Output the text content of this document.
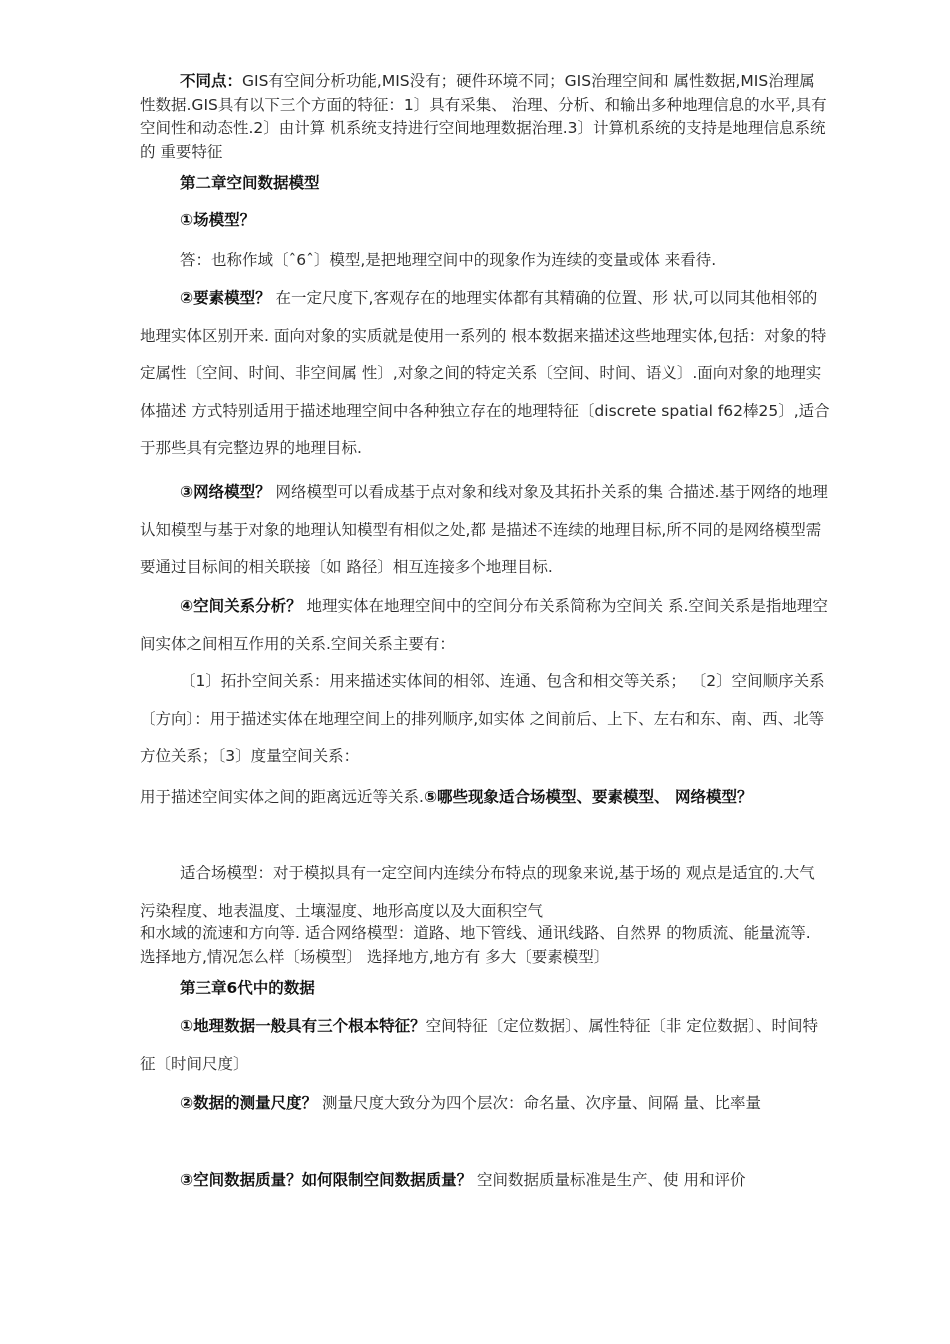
不同点：GIS有空间分析功能,MIS没有；硬件环境不同；GIS治理空间和 属性数据,MIS治理属性数据.GIS具有以下三个方面的特征：1〕具有采集、 治理、分析、和输出多种地理信息的水平,具有空间性和动态性.2〕由计算 机系统支持进行空间地理数据治理.3〕计算机系统的支持是地理信息系统的 重要特征

第二章空间数据模型

①场模型？

答：也称作域〔ˆ6ˆ〕模型,是把地理空间中的现象作为连续的变量或体 来看待.

②要素模型？ 在一定尺度下,客观存在的地理实体都有其精确的位置、形 状,可以同其他相邻的地理实体区别开来. 面向对象的实质就是使用一系列的 根本数据来描述这些地理实体,包括：对象的特定属性〔空间、时间、非空间属 性〕,对象之间的特定关系〔空间、时间、语义〕.面向对象的地理实体描述 方式特别适用于描述地理空间中各种独立存在的地理特征〔discrete spatial f62棒25〕,适合于那些具有完整边界的地理目标.

③网络模型？ 网络模型可以看成基于点对象和线对象及其拓扑关系的集 合描述.基于网络的地理认知模型与基于对象的地理认知模型有相似之处,都 是描述不连续的地理目标,所不同的是网络模型需要通过目标间的相关联接〔如 路径〕相互连接多个地理目标.

④空间关系分析？ 地理实体在地理空间中的空间分布关系简称为空间关 系.空间关系是指地理空间实体之间相互作用的关系.空间关系主要有：

〔1〕拓扑空间关系：用来描述实体间的相邻、连通、包含和相交等关系； 〔2〕空间顺序关系〔方向〕：用于描述实体在地理空间上的排列顺序,如实体 之间前后、上下、左右和东、南、西、北等方位关系；〔3〕度量空间关系：

用于描述空间实体之间的距离远近等关系.⑤哪些现象适合场模型、要素模型、 网络模型？

适合场模型：对于模拟具有一定空间内连续分布特点的现象来说,基于场的 观点是适宜的.大气污染程度、地表温度、土壤湿度、地形高度以及大面积空气

和水域的流速和方向等. 适合网络模型：道路、地下管线、通讯线路、自然界 的物质流、能量流等. 选择地方,情况怎么样〔场模型〕 选择地方,地方有 多大〔要素模型〕

第三章6代中的数据

①地理数据一般具有三个根本特征？空间特征〔定位数据〕、属性特征〔非 定位数据〕、时间特征〔时间尺度〕

②数据的测量尺度？ 测量尺度大致分为四个层次：命名量、次序量、间隔 量、比率量

③空间数据质量？如何限制空间数据质量？ 空间数据质量标准是生产、使 用和评价
